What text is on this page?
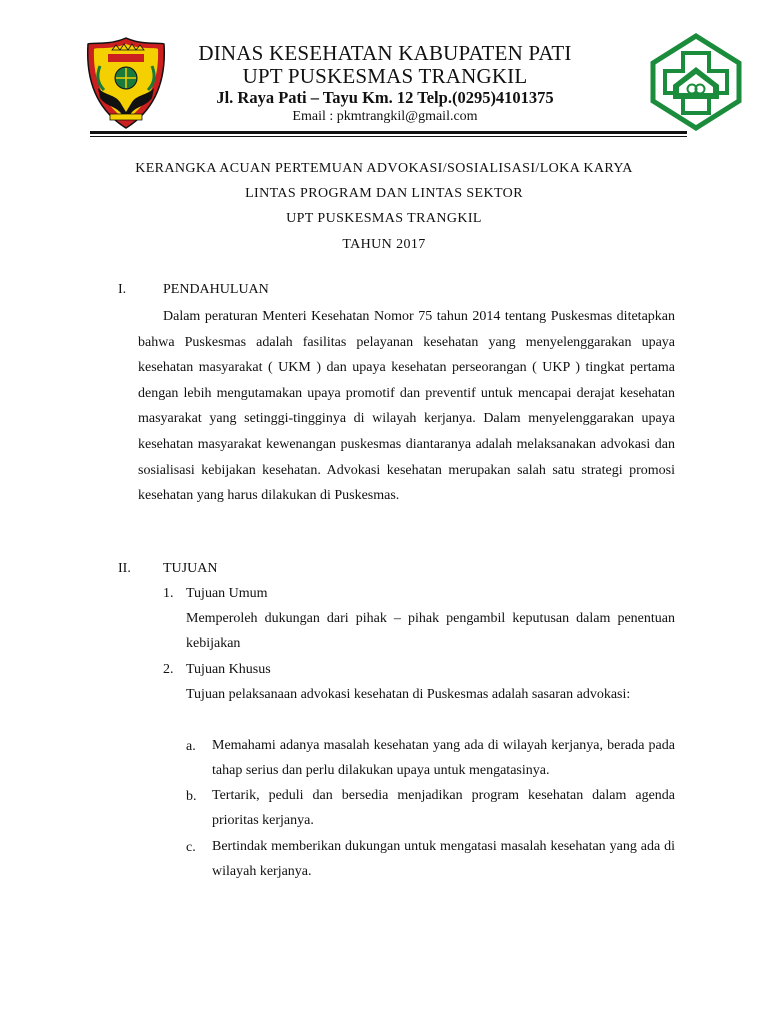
DINAS KESEHATAN KABUPATEN PATI
UPT PUSKESMAS TRANGKIL
Jl. Raya Pati – Tayu Km. 12 Telp.(0295)4101375
Email : pkmtrangkil@gmail.com
KERANGKA ACUAN PERTEMUAN ADVOKASI/SOSIALISASI/LOKA KARYA
LINTAS PROGRAM DAN LINTAS SEKTOR
UPT PUSKESMAS TRANGKIL
TAHUN 2017
I.	PENDAHULUAN
Dalam peraturan Menteri Kesehatan Nomor 75 tahun 2014 tentang Puskesmas ditetapkan bahwa Puskesmas adalah fasilitas pelayanan kesehatan yang menyelenggarakan upaya kesehatan masyarakat ( UKM ) dan upaya kesehatan perseorangan ( UKP ) tingkat pertama dengan lebih mengutamakan upaya promotif dan preventif untuk mencapai derajat kesehatan masyarakat yang setinggi-tingginya di wilayah kerjanya. Dalam menyelenggarakan upaya kesehatan masyarakat kewenangan puskesmas diantaranya adalah melaksanakan advokasi dan sosialisasi kebijakan kesehatan. Advokasi kesehatan merupakan salah satu strategi promosi kesehatan yang harus dilakukan di Puskesmas.
II. TUJUAN
1. Tujuan Umum
Memperoleh dukungan dari pihak – pihak pengambil keputusan dalam penentuan kebijakan
2. Tujuan Khusus
Tujuan pelaksanaan advokasi kesehatan di Puskesmas adalah sasaran advokasi:
a. Memahami adanya masalah kesehatan yang ada di wilayah kerjanya, berada pada tahap serius dan perlu dilakukan upaya untuk mengatasinya.
b. Tertarik, peduli dan bersedia menjadikan program kesehatan dalam agenda prioritas kerjanya.
c. Bertindak memberikan dukungan untuk mengatasi masalah kesehatan yang ada di wilayah kerjanya.
